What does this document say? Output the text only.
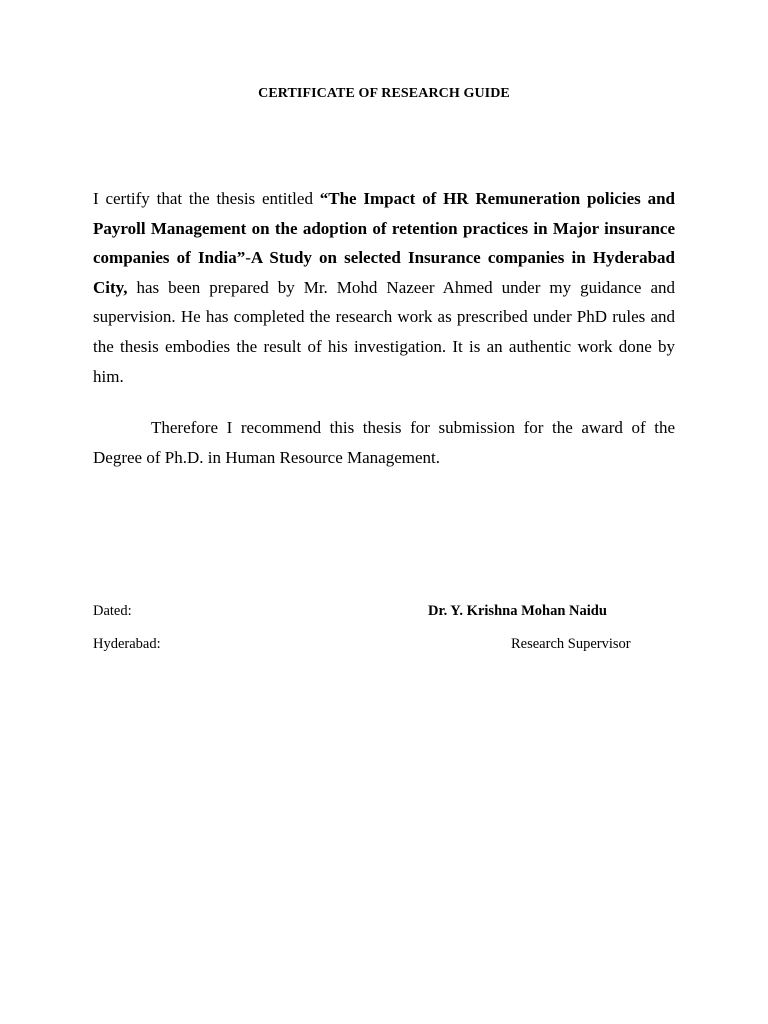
CERTIFICATE OF RESEARCH GUIDE
I certify that the thesis entitled “The Impact of HR Remuneration policies and Payroll Management on the adoption of retention practices in Major insurance companies of India”-A Study on selected Insurance companies in Hyderabad City, has been prepared by Mr. Mohd Nazeer Ahmed under my guidance and supervision. He has completed the research work as prescribed under PhD rules and the thesis embodies the result of his investigation. It is an authentic work done by him.
Therefore I recommend this thesis for submission for the award of the Degree of Ph.D. in Human Resource Management.
Dated:	Dr. Y. Krishna Mohan Naidu
Hyderabad:	Research Supervisor
